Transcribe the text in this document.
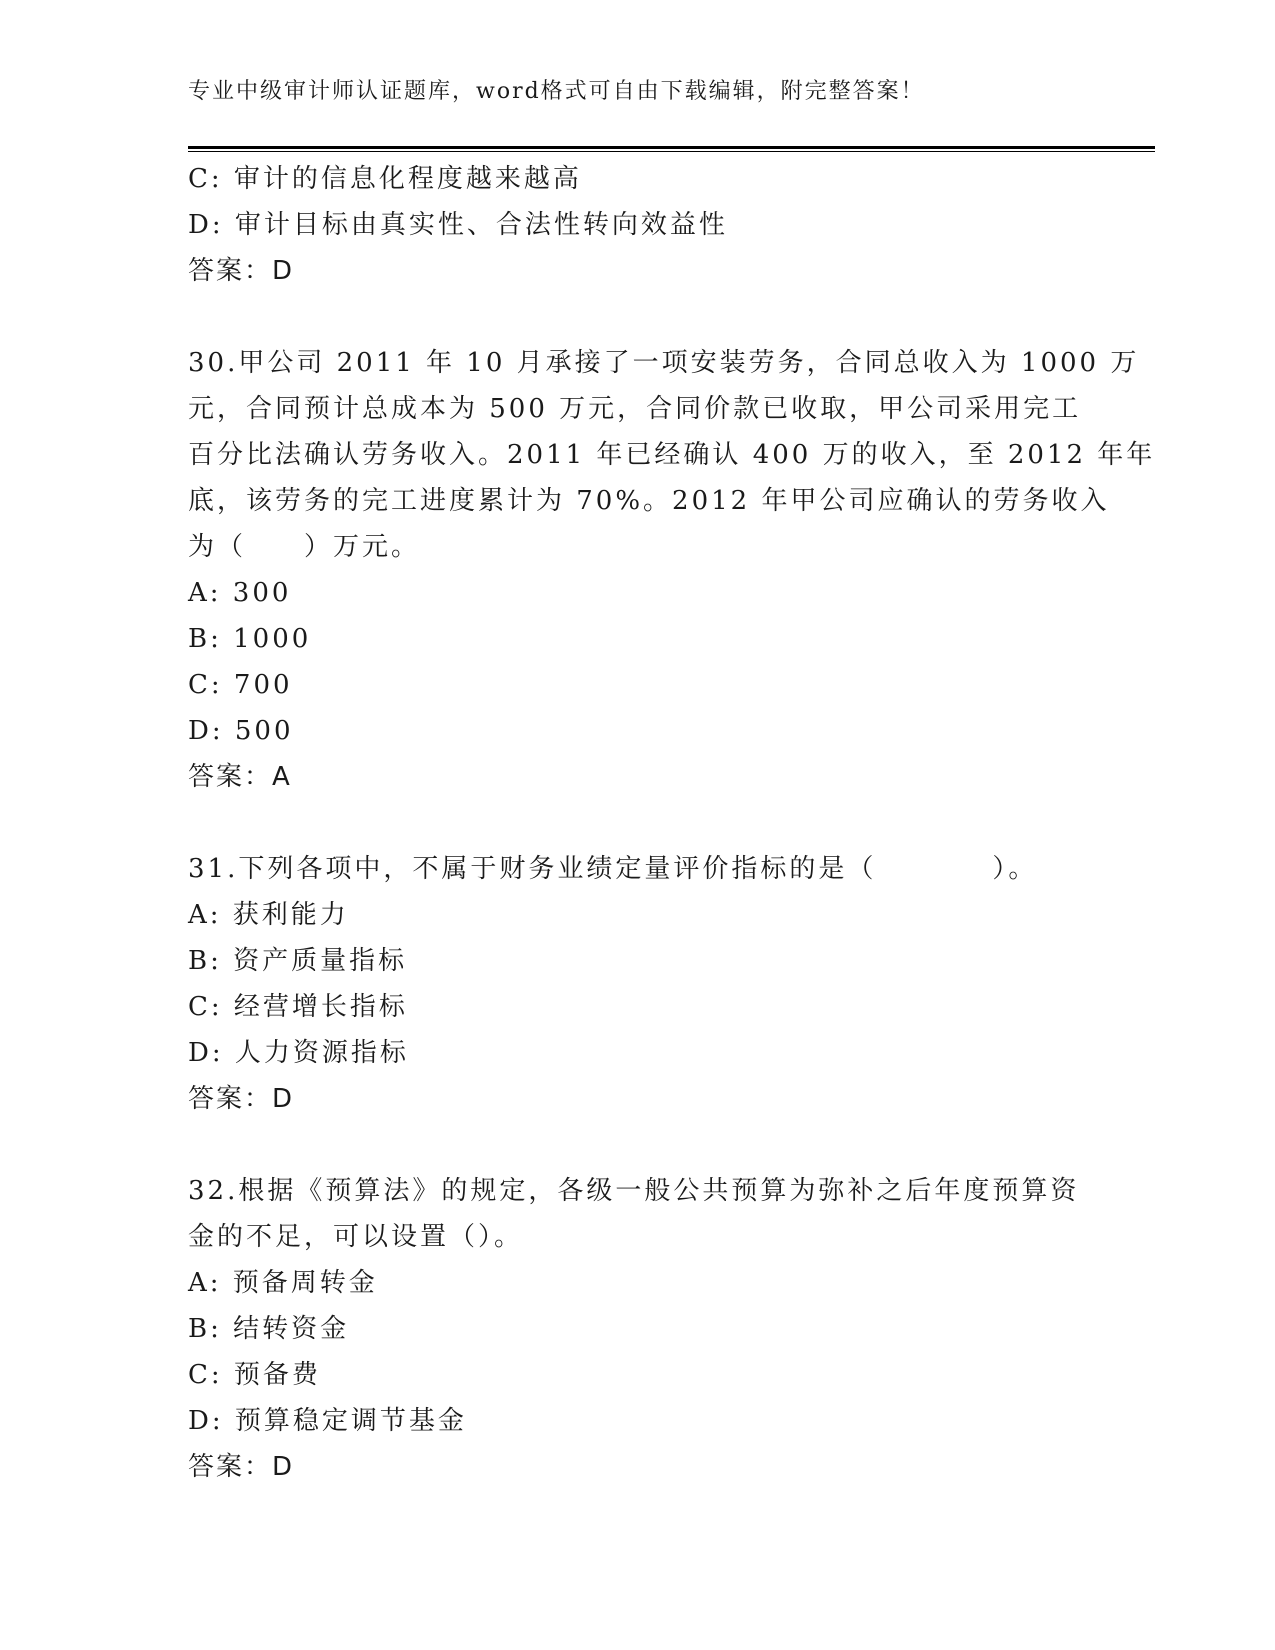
专业中级审计师认证题库，word格式可自由下载编辑，附完整答案！
C: 审计的信息化程度越来越高
D: 审计目标由真实性、合法性转向效益性
答案：D
30.甲公司 2011 年 10 月承接了一项安装劳务，合同总收入为 1000 万
元，合同预计总成本为 500 万元，合同价款已收取，甲公司采用完工
百分比法确认劳务收入。2011 年已经确认 400 万的收入，至 2012 年年
底，该劳务的完工进度累计为 70%。2012 年甲公司应确认的劳务收入
为（　　）万元。
A: 300
B: 1000
C: 700
D: 500
答案：A
31.下列各项中，不属于财务业绩定量评价指标的是（　　　　）。
A: 获利能力
B: 资产质量指标
C: 经营增长指标
D: 人力资源指标
答案：D
32.根据《预算法》的规定，各级一般公共预算为弥补之后年度预算资
金的不足，可以设置（）。
A: 预备周转金
B: 结转资金
C: 预备费
D: 预算稳定调节基金
答案：D
